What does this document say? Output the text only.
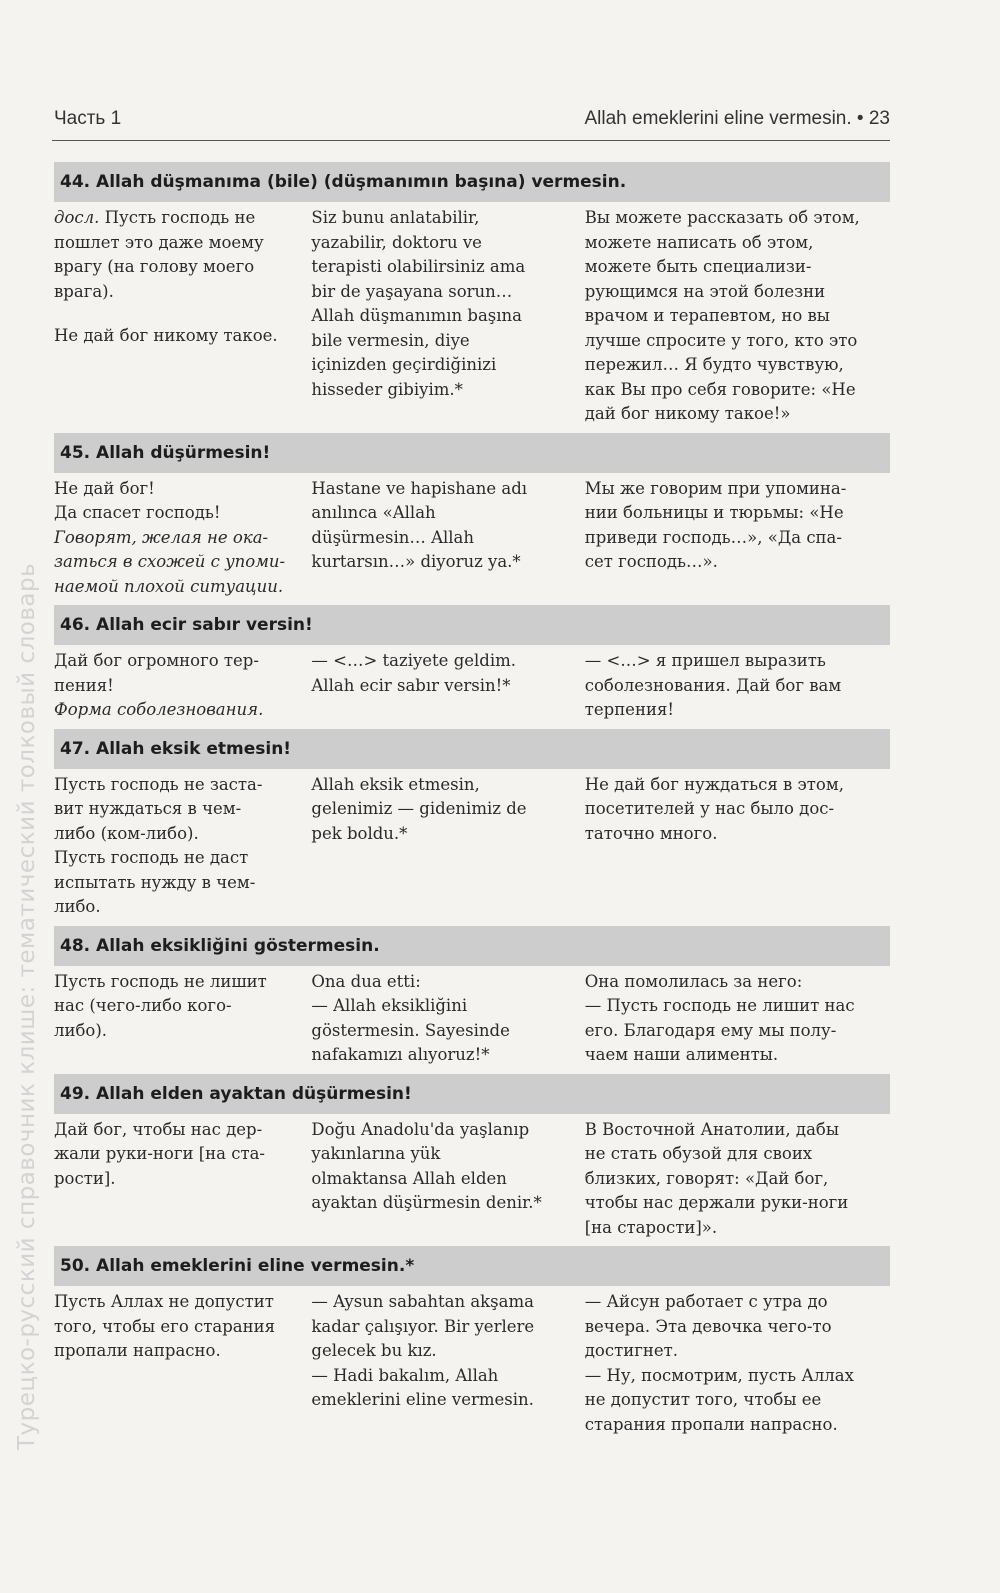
Часть 1	Allah emeklerini eline vermesin. • 23
Турецко-русский справочник клише: тематический толковый словарь
44. Allah düşmanıma (bile) (düşmanımın başına) vermesin.

досл. Пусть господь не
пошлет это даже моему
врагу (на голову моего
врага).

Не дай бог никому такое.

Siz bunu anlatabilir,
yazabilir, doktoru ve
terapisti olabilirsiniz ama
bir de yaşayana sorun…
Allah düşmanımın başına
bile vermesin, diye
içinizden geçirdiğinizi
hisseder gibiyim.*

Вы можете рассказать об этом,
можете написать об этом,
можете быть специализи-
рующимся на этой болезни
врачом и терапевтом, но вы
лучше спросите у того, кто это
пережил… Я будто чувствую,
как Вы про себя говорите: «Не
дай бог никому такое!»

45. Allah düşürmesin!

Не дай бог!
Да спасет господь!

Говорят, желая не ока-
заться в схожей с упоми-
наемой плохой ситуации.

Hastane ve hapishane adı
anılınca «Allah
düşürmesin… Allah
kurtarsın…» diyoruz ya.*

Мы же говорим при упомина-
нии больницы и тюрьмы: «Не
приведи господь…», «Да спа-
сет господь…».

46. Allah ecir sabır versin!

Дай бог огромного тер-
пения!

Форма соболезнования.

— <…> taziyete geldim.
Allah ecir sabır versin!*

— <…> я пришел выразить
соболезнования. Дай бог вам
терпения!

47. Allah eksik etmesin!

Пусть господь не заста-
вит нуждаться в чем-
либо (ком-либо).
Пусть господь не даст
испытать нужду в чем-
либо.

Allah eksik etmesin,
gelenimiz — gidenimiz de
pek boldu.*

Не дай бог нуждаться в этом,
посетителей у нас было дос-
таточно много.

48. Allah eksikliğini göstermesin.

Пусть господь не лишит
нас (чего-либо кого-
либо).

Ona dua etti:
— Allah eksikliğini
göstermesin. Sayesinde
nafakamızı alıyoruz!*

Она помолилась за него:
— Пусть господь не лишит нас
его. Благодаря ему мы полу-
чаем наши алименты.

49. Allah elden ayaktan düşürmesin!

Дай бог, чтобы нас дер-
жали руки-ноги [на ста-
рости].

Doğu Anadolu'da yaşlanıp
yakınlarına yük
olmaktansa Allah elden
ayaktan düşürmesin denir.*

В Восточной Анатолии, дабы
не стать обузой для своих
близких, говорят: «Дай бог,
чтобы нас держали руки-ноги
[на старости]».

50. Allah emeklerini eline vermesin.*

Пусть Аллах не допустит
того, чтобы его старания
пропали напрасно.

— Aysun sabahtan akşama
kadar çalışıyor. Bir yerlere
gelecek bu kız.
— Hadi bakalım, Allah
emeklerini eline vermesin.

— Айсун работает с утра до
вечера. Эта девочка чего-то
достигнет.
— Ну, посмотрим, пусть Аллах
не допустит того, чтобы ее
старания пропали напрасно.
